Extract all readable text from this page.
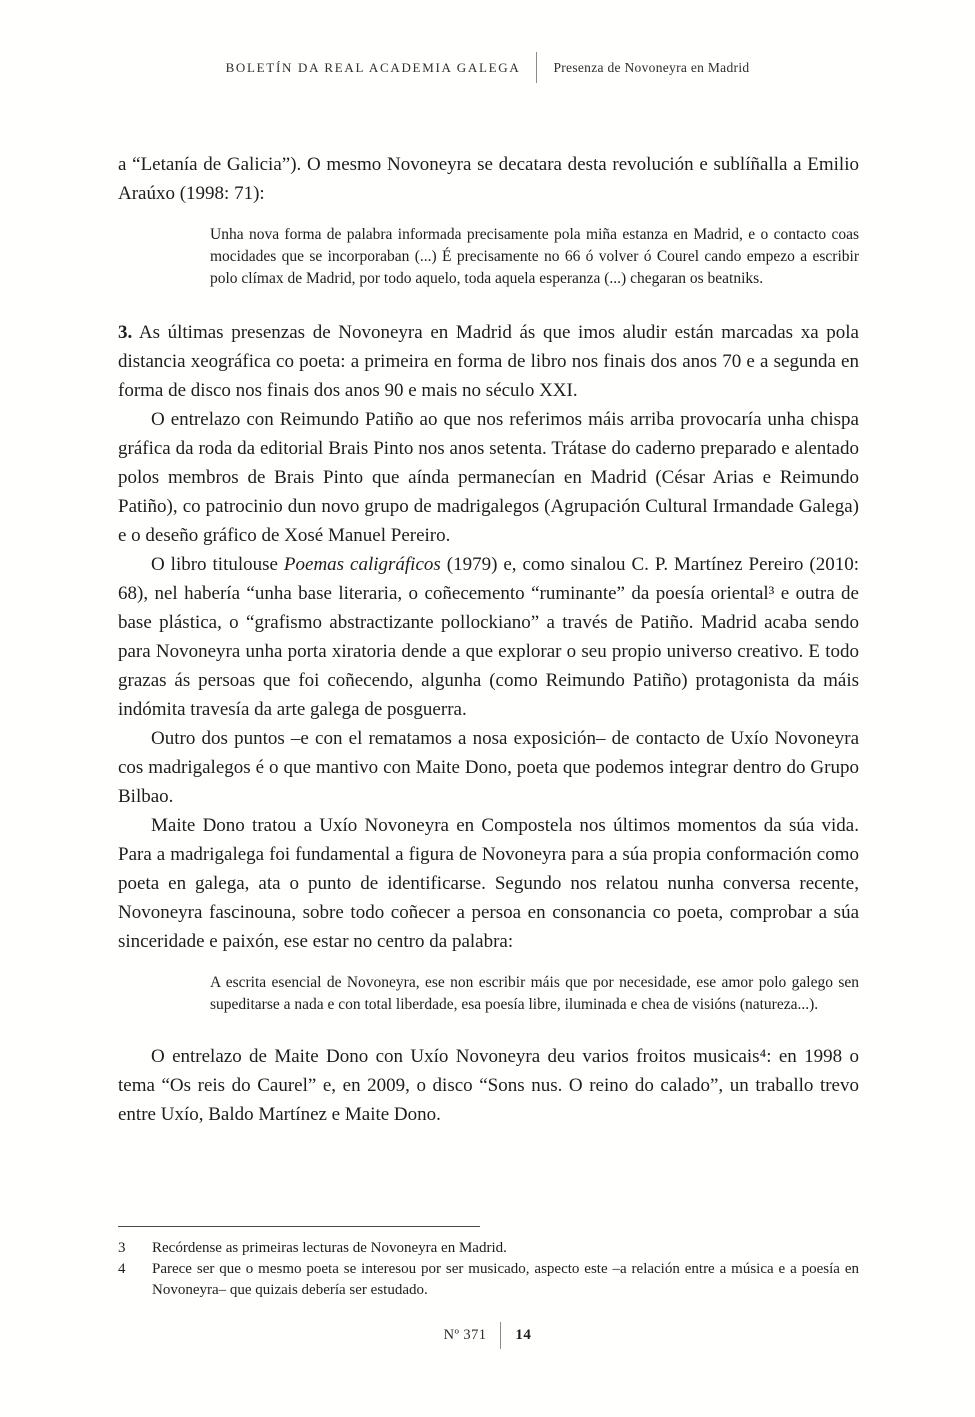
BOLETÍN DA REAL ACADEMIA GALEGA Presenza de Novoneyra en Madrid

a “Letanía de Galicia”). O mesmo Novoneyra se decatara desta revolución e sublíñalla a Emilio Araúxo (1998: 71):

Unha nova forma de palabra informada precisamente pola miña estanza en Madrid, e o contacto coas mocidades que se incorporaban (...) É precisamente no 66 ó volver ó Courel cando empezo a escribir polo clímax de Madrid, por todo aquelo, toda aquela esperanza (...) chegaran os beatniks.

3. As últimas presenzas de Novoneyra en Madrid ás que imos aludir están marcadas xa pola distancia xeográfica co poeta: a primeira en forma de libro nos finais dos anos 70 e a segunda en forma de disco nos finais dos anos 90 e mais no século XXI.

O entrelazo con Reimundo Patiño ao que nos referimos máis arriba provocaría unha chispa gráfica da roda da editorial Brais Pinto nos anos setenta. Trátase do caderno preparado e alentado polos membros de Brais Pinto que aínda permanecían en Madrid (César Arias e Reimundo Patiño), co patrocinio dun novo grupo de madrigalegos (Agrupación Cultural Irmandade Galega) e o deseño gráfico de Xosé Manuel Pereiro.

O libro titulouse Poemas caligráficos (1979) e, como sinalou C. P. Martínez Pereiro (2010: 68), nel habería “unha base literaria, o coñecemento “ruminante” da poesía oriental³ e outra de base plástica, o “grafismo abstractizante pollockiano” a través de Patiño. Madrid acaba sendo para Novoneyra unha porta xiratoria dende a que explorar o seu propio universo creativo. E todo grazas ás persoas que foi coñecendo, algunha (como Reimundo Patiño) protagonista da máis indómita travesía da arte galega de posguerra.

Outro dos puntos –e con el rematamos a nosa exposición– de contacto de Uxío Novoneyra cos madrigalegos é o que mantivo con Maite Dono, poeta que podemos integrar dentro do Grupo Bilbao.

Maite Dono tratou a Uxío Novoneyra en Compostela nos últimos momentos da súa vida. Para a madrigalega foi fundamental a figura de Novoneyra para a súa propia conformación como poeta en galega, ata o punto de identificarse. Segundo nos relatou nunha conversa recente, Novoneyra fascinouna, sobre todo coñecer a persoa en consonancia co poeta, comprobar a súa sinceridade e paixón, ese estar no centro da palabra:

A escrita esencial de Novoneyra, ese non escribir máis que por necesidade, ese amor polo galego sen supeditarse a nada e con total liberdade, esa poesía libre, iluminada e chea de visións (natureza...).

O entrelazo de Maite Dono con Uxío Novoneyra deu varios froitos musicais⁴: en 1998 o tema “Os reis do Caurel” e, en 2009, o disco “Sons nus. O reino do calado”, un traballo trevo entre Uxío, Baldo Martínez e Maite Dono.

3	Recórdense as primeiras lecturas de Novoneyra en Madrid.
4	Parece ser que o mesmo poeta se interesou por ser musicado, aspecto este –a relación entre a música e a poesía en Novoneyra– que quizais debería ser estudado.
Nº 371 14
